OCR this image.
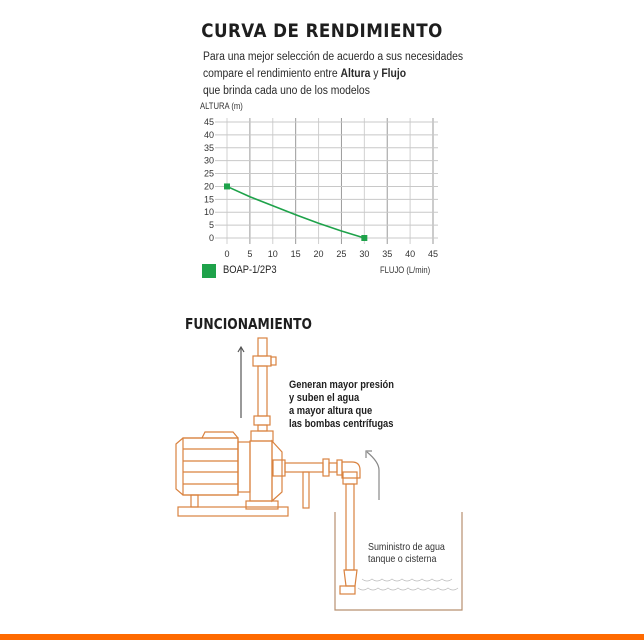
CURVA DE RENDIMIENTO
Para una mejor selección de acuerdo a sus necesidades
compare el rendimiento entre Altura y Flujo
que brinda cada uno de los modelos
ALTURA (m)
0 5 10 15 20 25 30 35 40 45
0
5
10
15
20
25
30
35
40
45
BOAP-1/2P3	FLUJO (L/min)
FUNCIONAMIENTO
Generan mayor presión
y suben el agua
a mayor altura que
las bombas centrífugas
Suministro de agua
tanque o cisterna
